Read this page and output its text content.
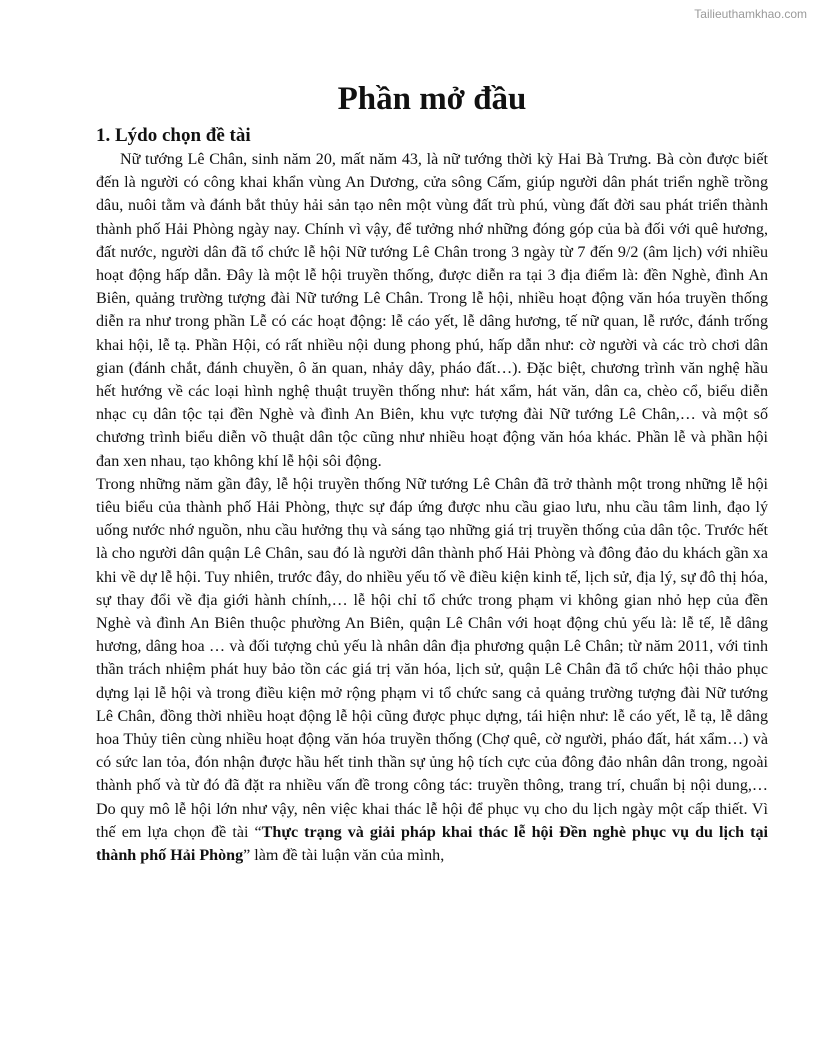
Tailieuthamkhao.com
Phần mở đầu
1. Lýdo chọn đề tài

Nữ tướng Lê Chân, sinh năm 20, mất năm 43, là nữ tướng thời kỳ Hai Bà Trưng. Bà còn được biết đến là người có công khai khẩn vùng An Dương, cửa sông Cấm, giúp người dân phát triển nghề trồng dâu, nuôi tằm và đánh bắt thủy hải sản tạo nên một vùng đất trù phú, vùng đất đời sau phát triển thành thành phố Hải Phòng ngày nay. Chính vì vậy, để tưởng nhớ những đóng góp của bà đối với quê hương, đất nước, người dân đã tổ chức lễ hội Nữ tướng Lê Chân trong 3 ngày từ 7 đến 9/2 (âm lịch) với nhiều hoạt động hấp dẫn. Đây là một lễ hội truyền thống, được diễn ra tại 3 địa điểm là: đền Nghè, đình An Biên, quảng trường tượng đài Nữ tướng Lê Chân. Trong lễ hội, nhiều hoạt động văn hóa truyền thống diễn ra như trong phần Lễ có các hoạt động: lễ cáo yết, lễ dâng hương, tế nữ quan, lễ rước, đánh trống khai hội, lễ tạ. Phần Hội, có rất nhiều nội dung phong phú, hấp dẫn như: cờ người và các trò chơi dân gian (đánh chắt, đánh chuyền, ô ăn quan, nhảy dây, pháo đất…). Đặc biệt, chương trình văn nghệ hầu hết hướng về các loại hình nghệ thuật truyền thống như: hát xẩm, hát văn, dân ca, chèo cổ, biểu diễn nhạc cụ dân tộc tại đền Nghè và đình An Biên, khu vực tượng đài Nữ tướng Lê Chân,… và một số chương trình biểu diễn võ thuật dân tộc cũng như nhiều hoạt động văn hóa khác. Phần lễ và phần hội đan xen nhau, tạo không khí lễ hội sôi động.

Trong những năm gần đây, lễ hội truyền thống Nữ tướng Lê Chân đã trở thành một trong những lễ hội tiêu biểu của thành phố Hải Phòng, thực sự đáp ứng được nhu cầu giao lưu, nhu cầu tâm linh, đạo lý uống nước nhớ nguồn, nhu cầu hưởng thụ và sáng tạo những giá trị truyền thống của dân tộc. Trước hết là cho người dân quận Lê Chân, sau đó là người dân thành phố Hải Phòng và đông đảo du khách gần xa khi về dự lễ hội. Tuy nhiên, trước đây, do nhiều yếu tố về điều kiện kinh tế, lịch sử, địa lý, sự đô thị hóa, sự thay đổi về địa giới hành chính,… lễ hội chỉ tổ chức trong phạm vi không gian nhỏ hẹp của đền Nghè và đình An Biên thuộc phường An Biên, quận Lê Chân với hoạt động chủ yếu là: lễ tế, lễ dâng hương, dâng hoa … và đối tượng chủ yếu là nhân dân địa phương quận Lê Chân; từ năm 2011, với tinh thần trách nhiệm phát huy bảo tồn các giá trị văn hóa, lịch sử, quận Lê Chân đã tổ chức hội thảo phục dựng lại lễ hội và trong điều kiện mở rộng phạm vi tổ chức sang cả quảng trường tượng đài Nữ tướng Lê Chân, đồng thời nhiều hoạt động lễ hội cũng được phục dựng, tái hiện như: lễ cáo yết, lễ tạ, lễ dâng hoa Thủy tiên cùng nhiều hoạt động văn hóa truyền thống (Chợ quê, cờ người, pháo đất, hát xẩm…) và có sức lan tỏa, đón nhận được hầu hết tinh thần sự ủng hộ tích cực của đông đảo nhân dân trong, ngoài thành phố và từ đó đã đặt ra nhiều vấn đề trong công tác: truyền thông, trang trí, chuẩn bị nội dung,… Do quy mô lễ hội lớn như vậy, nên việc khai thác lễ hội để phục vụ cho du lịch ngày một cấp thiết. Vì thế em lựa chọn đề tài “Thực trạng và giải pháp khai thác lễ hội Đền nghè phục vụ du lịch tại thành phố Hải Phòng” làm đề tài luận văn của mình,
